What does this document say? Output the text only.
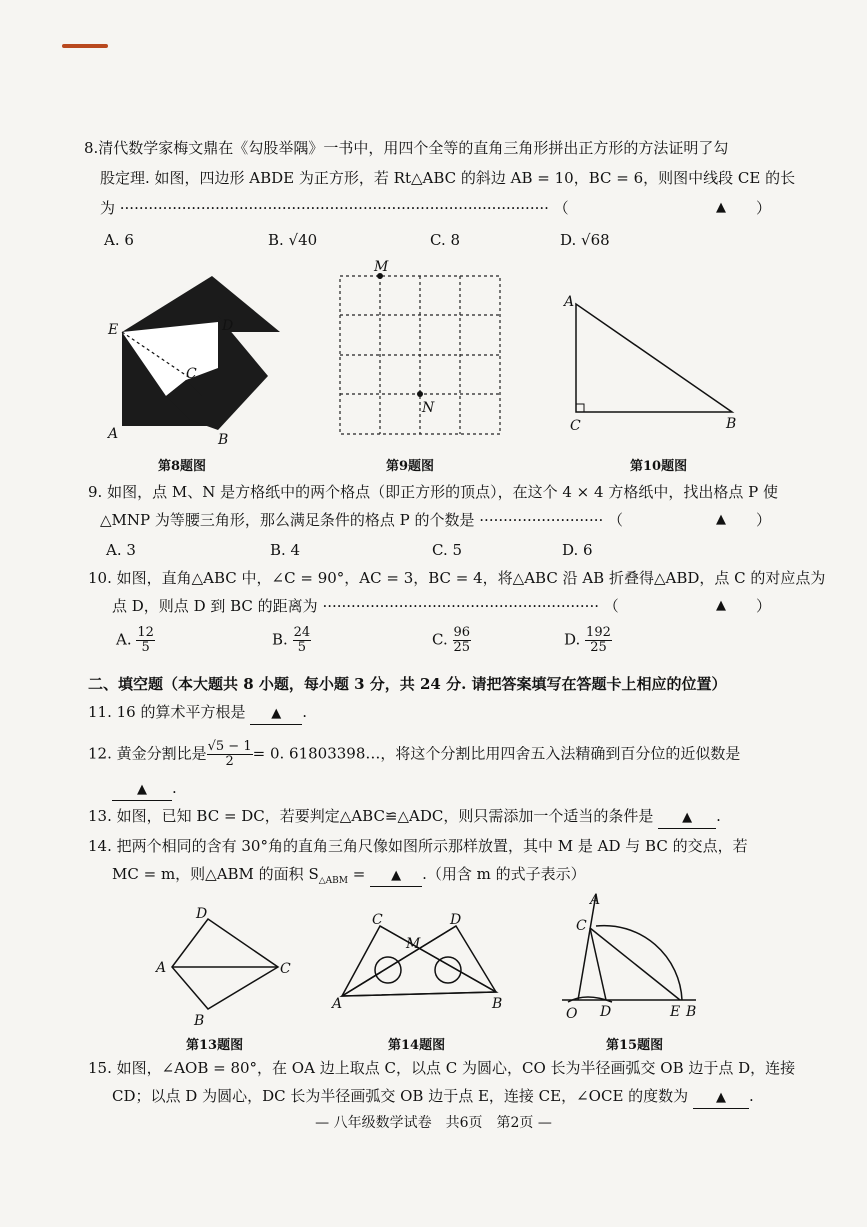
8.清代数学家梅文鼎在《勾股举隅》一书中，用四个全等的直角三角形拼出正方形的方法证明了勾
股定理. 如图，四边形 ABDE 为正方形，若 Rt△ABC 的斜边 AB = 10，BC = 6，则图中线段 CE 的长
为 ·························································································· （	▲ ）
A. 6	B. √40	C. 8	D. √68
E	D
C
A	B
第8题图
M
N
第9题图
A
C	B
第10题图
9. 如图，点 M、N 是方格纸中的两个格点（即正方形的顶点），在这个 4 × 4 方格纸中，找出格点 P 使
△MNP 为等腰三角形，那么满足条件的格点 P 的个数是 ·························· （	▲ ）
A. 3	B. 4	C. 5	D. 6
10. 如图，直角△ABC 中，∠C = 90°，AC = 3，BC = 4，将△ABC 沿 AB 折叠得△ABD，点 C 的对应点为
点 D，则点 D 到 BC 的距离为 ·························································· （	▲ ）
A. $\frac{12}{5}$	B. $\frac{24}{5}$	C. $\frac{96}{25}$	D. $\frac{192}{25}$
二、填空题（本大题共 8 小题，每小题 3 分，共 24 分. 请把答案填写在答题卡上相应的位置）
11. 16 的算术平方根是 ▲ .
12. 黄金分割比是 $\frac{√5 - 1}{2} = 0$. 61803398…，将这个分割比用四舍五入法精确到百分位的近似数是
▲ .
13. 如图，已知 BC = DC，若要判定△ABC≌△ADC，则只需添加一个适当的条件是 ▲ .
14. 把两个相同的含有 30°角的直角三角尺像如图所示那样放置，其中 M 是 AD 与 BC 的交点，若
MC = m，则△ABM 的面积 $S_{\triangle ABM}$ = ▲ .（用含 m 的式子表示）
D
A	C
B
第13题图
C	D
M
A	B
第14题图
A
C
O D	E B
第15题图
15. 如图，∠AOB = 80°，在 OA 边上取点 C，以点 C 为圆心，CO 长为半径画弧交 OB 边于点 D，连接
CD；以点 D 为圆心，DC 长为半径画弧交 OB 边于点 E，连接 CE，∠OCE 的度数为 ▲ .
— 八年级数学试卷　共6页　第2页 —
